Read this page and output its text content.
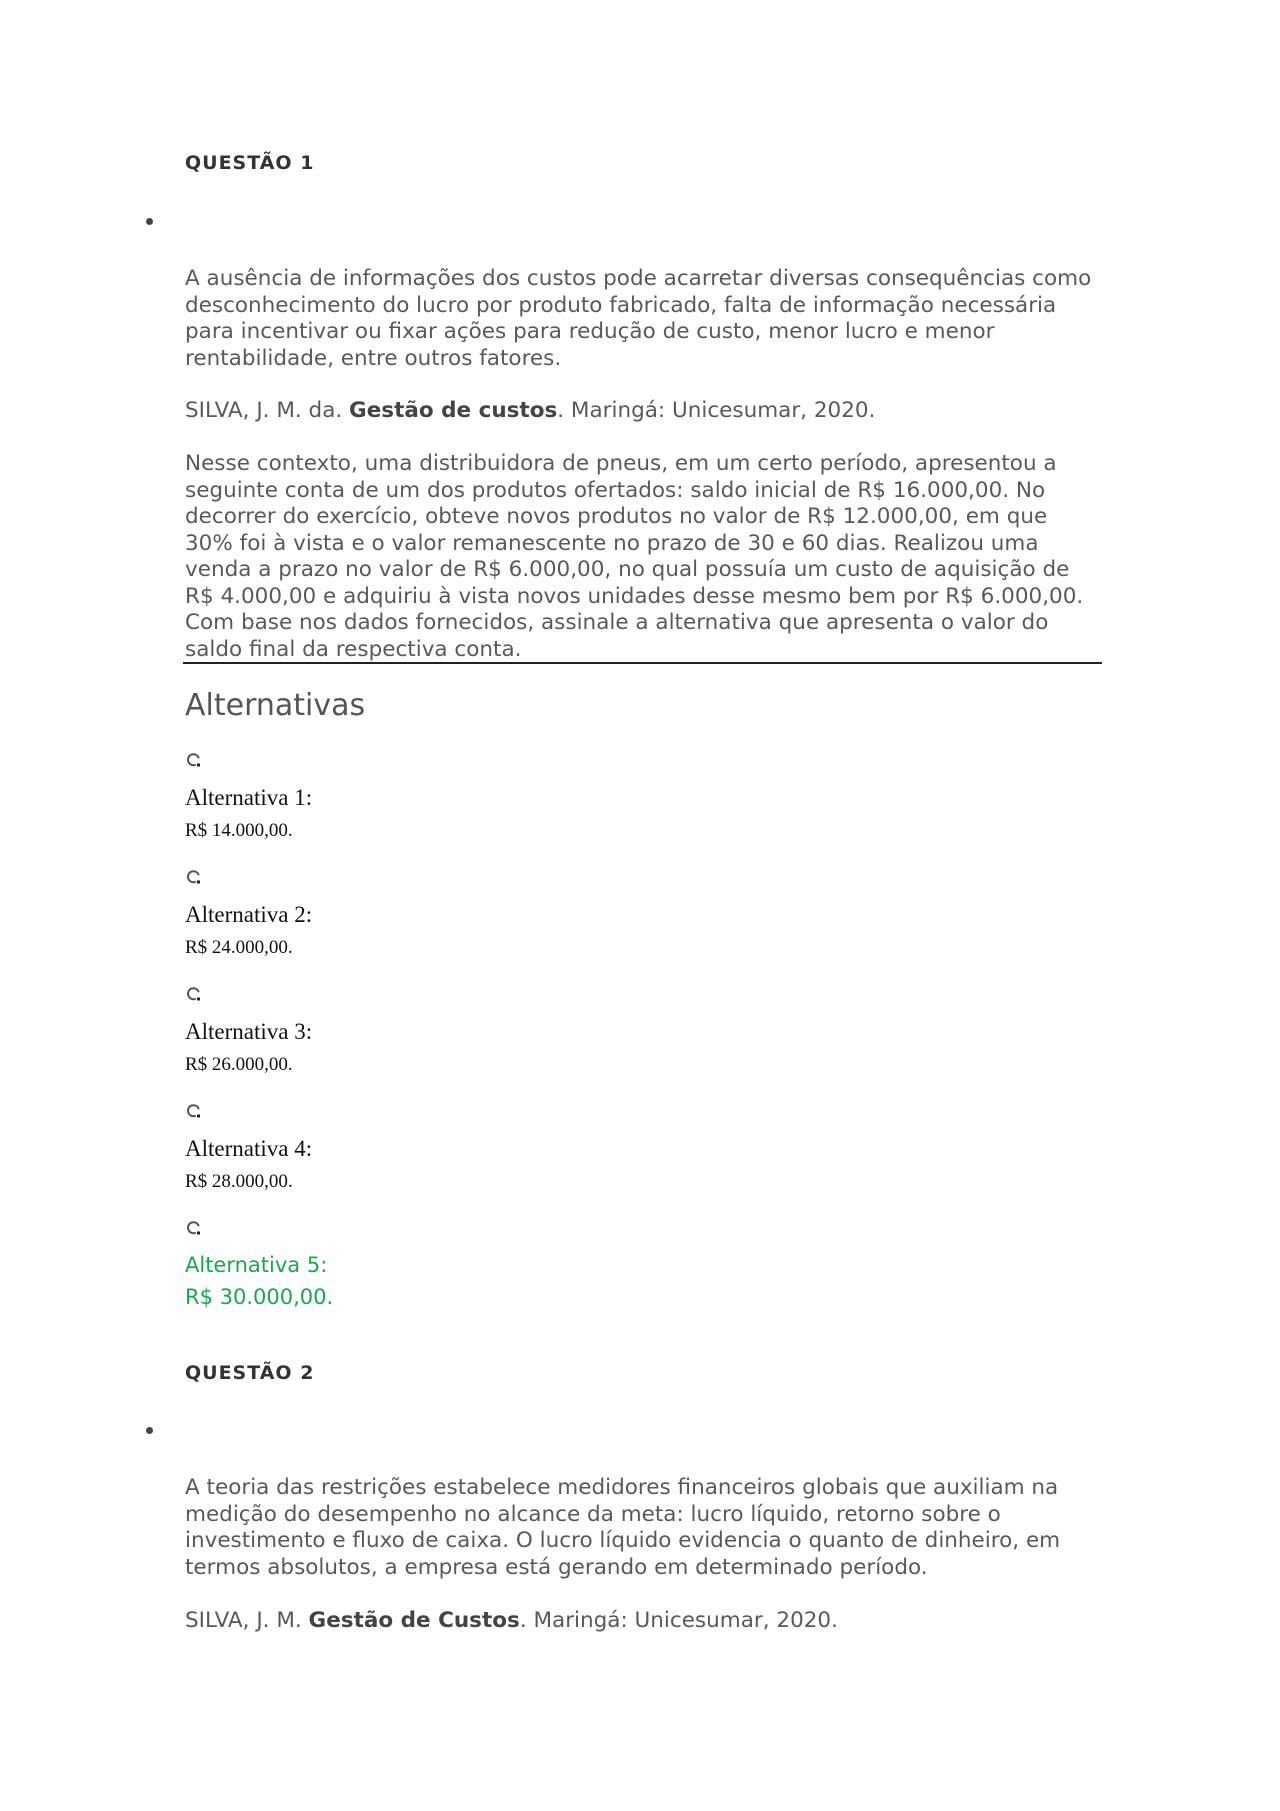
QUESTÃO 1

A ausência de informações dos custos pode acarretar diversas consequências como desconhecimento do lucro por produto fabricado, falta de informação necessária para incentivar ou fixar ações para redução de custo, menor lucro e menor rentabilidade, entre outros fatores.

SILVA, J. M. da. Gestão de custos. Maringá: Unicesumar, 2020.

Nesse contexto, uma distribuidora de pneus, em um certo período, apresentou a seguinte conta de um dos produtos ofertados: saldo inicial de R$ 16.000,00. No decorrer do exercício, obteve novos produtos no valor de R$ 12.000,00, em que 30% foi à vista e o valor remanescente no prazo de 30 e 60 dias. Realizou uma venda a prazo no valor de R$ 6.000,00, no qual possuía um custo de aquisição de R$ 4.000,00 e adquiriu à vista novos unidades desse mesmo bem por R$ 6.000,00. Com base nos dados fornecidos, assinale a alternativa que apresenta o valor do saldo final da respectiva conta.

Alternativas
Alternativa 1:
R$ 14.000,00.
Alternativa 2:
R$ 24.000,00.
Alternativa 3:
R$ 26.000,00.
Alternativa 4:
R$ 28.000,00.
Alternativa 5:
R$ 30.000,00.
QUESTÃO 2

A teoria das restrições estabelece medidores financeiros globais que auxiliam na medição do desempenho no alcance da meta: lucro líquido, retorno sobre o investimento e fluxo de caixa. O lucro líquido evidencia o quanto de dinheiro, em termos absolutos, a empresa está gerando em determinado período.

SILVA, J. M. Gestão de Custos. Maringá: Unicesumar, 2020.
